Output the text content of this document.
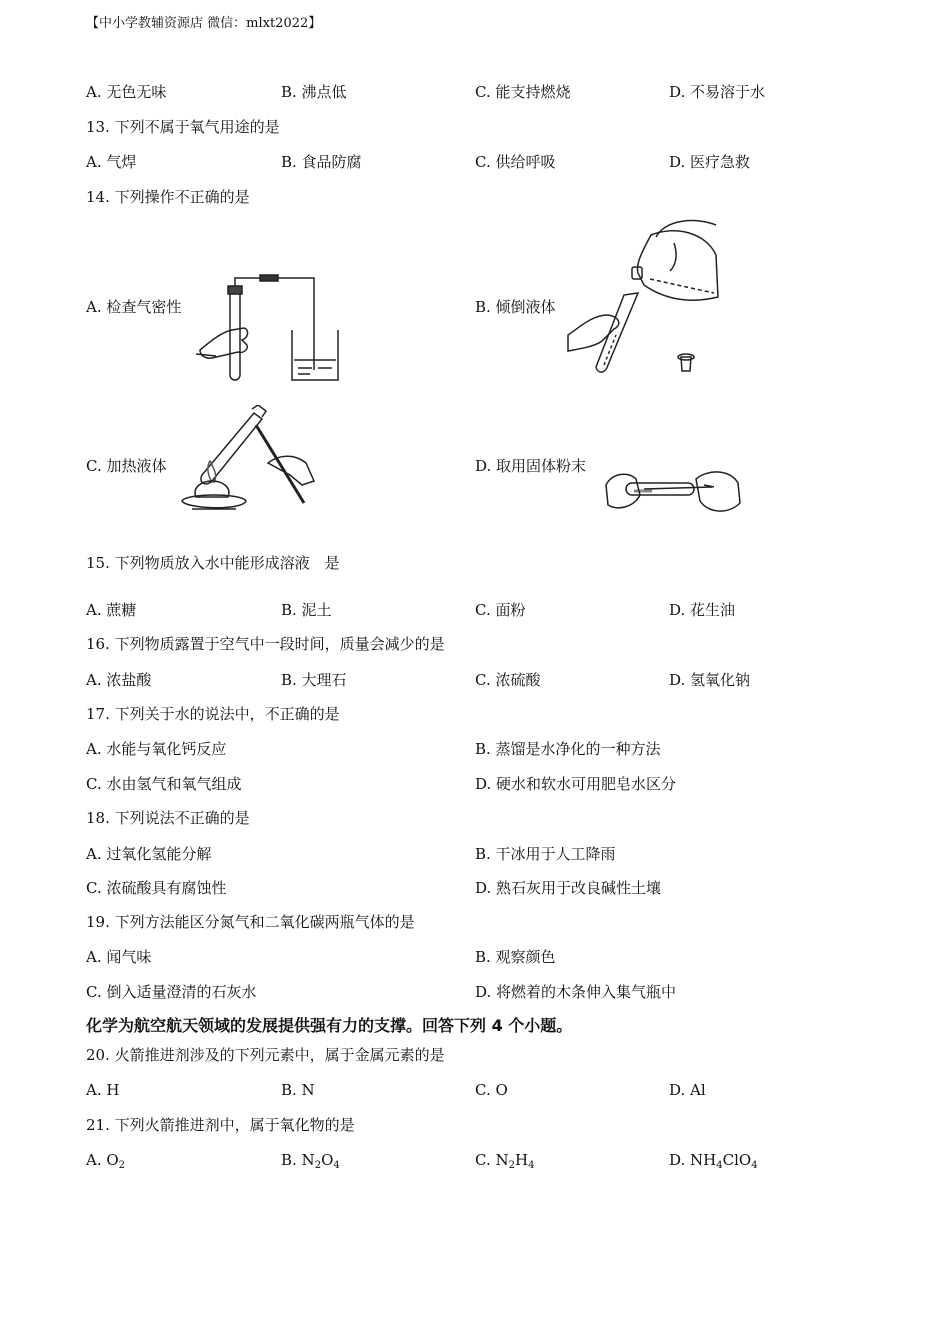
【中小学教辅资源店 微信：mlxt2022】
A. 无色无味	B. 沸点低	C. 能支持燃烧	D. 不易溶于水
13. 下列不属于氧气用途的是
A. 气焊	B. 食品防腐	C. 供给呼吸	D. 医疗急救
14. 下列操作不正确的是
A. 检查气密性	B. 倾倒液体
C. 加热液体	D. 取用固体粉末
15. 下列物质放入水中能形成溶液　是
A. 蔗糖	B. 泥土	C. 面粉	D. 花生油
16. 下列物质露置于空气中一段时间，质量会减少的是
A. 浓盐酸	B. 大理石	C. 浓硫酸	D. 氢氧化钠
17. 下列关于水的说法中，不正确的是
A. 水能与氧化钙反应	B. 蒸馏是水净化的一种方法
C. 水由氢气和氧气组成	D. 硬水和软水可用肥皂水区分
18. 下列说法不正确的是
A. 过氧化氢能分解	B. 干冰用于人工降雨
C. 浓硫酸具有腐蚀性	D. 熟石灰用于改良碱性土壤
19. 下列方法能区分氮气和二氧化碳两瓶气体的是
A. 闻气味	B. 观察颜色
C. 倒入适量澄清的石灰水	D. 将燃着的木条伸入集气瓶中
化学为航空航天领域的发展提供强有力的支撑。回答下列 4 个小题。
20. 火箭推进剂涉及的下列元素中，属于金属元素的是
A. H	B. N	C. O	D. Al
21. 下列火箭推进剂中，属于氧化物的是
A. $O_2$	B. $N_2O_4$	C. $N_2H_4$	D. $NH_4ClO_4$
